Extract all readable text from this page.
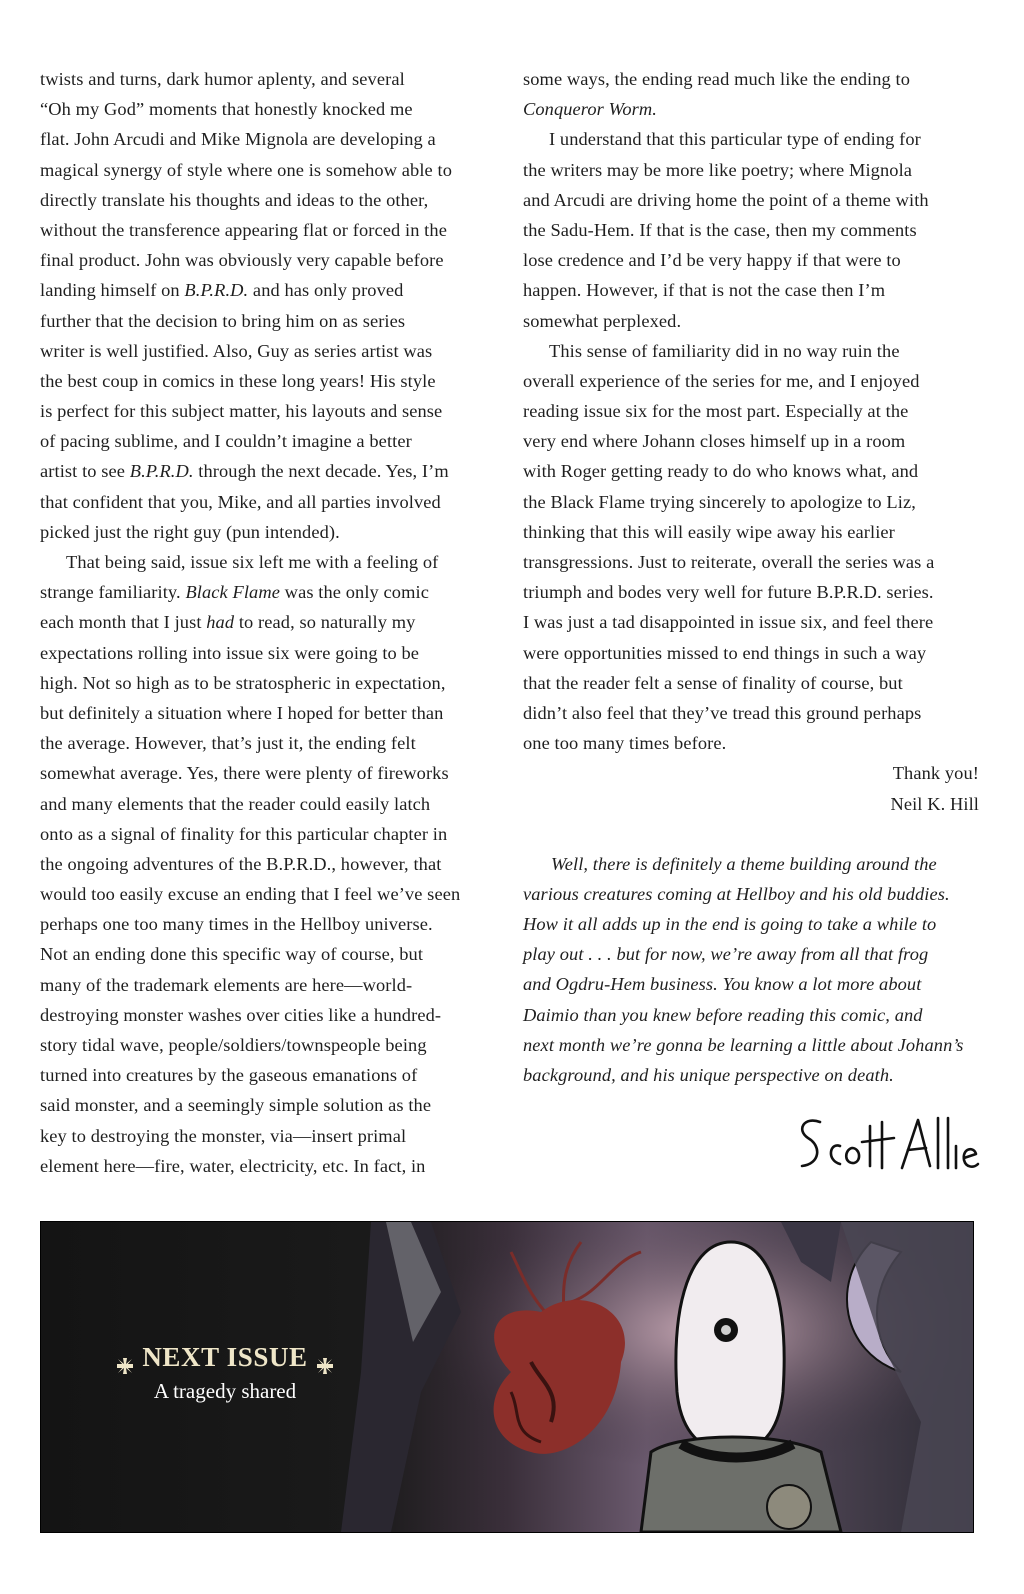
twists and turns, dark humor aplenty, and several
“Oh my God” moments that honestly knocked me
flat. John Arcudi and Mike Mignola are developing a
magical synergy of style where one is somehow able to
directly translate his thoughts and ideas to the other,
without the transference appearing flat or forced in the
final product. John was obviously very capable before
landing himself on B.P.R.D. and has only proved
further that the decision to bring him on as series
writer is well justified. Also, Guy as series artist was
the best coup in comics in these long years! His style
is perfect for this subject matter, his layouts and sense
of pacing sublime, and I couldn’t imagine a better
artist to see B.P.R.D. through the next decade. Yes, I’m
that confident that you, Mike, and all parties involved
picked just the right guy (pun intended).
That being said, issue six left me with a feeling of
strange familiarity. Black Flame was the only comic
each month that I just had to read, so naturally my
expectations rolling into issue six were going to be
high. Not so high as to be stratospheric in expectation,
but definitely a situation where I hoped for better than
the average. However, that’s just it, the ending felt
somewhat average. Yes, there were plenty of fireworks
and many elements that the reader could easily latch
onto as a signal of finality for this particular chapter in
the ongoing adventures of the B.P.R.D., however, that
would too easily excuse an ending that I feel we’ve seen
perhaps one too many times in the Hellboy universe.
Not an ending done this specific way of course, but
many of the trademark elements are here—world-
destroying monster washes over cities like a hundred-
story tidal wave, people/soldiers/townspeople being
turned into creatures by the gaseous emanations of
said monster, and a seemingly simple solution as the
key to destroying the monster, via—insert primal
element here—fire, water, electricity, etc. In fact, in
some ways, the ending read much like the ending to
Conqueror Worm.
I understand that this particular type of ending for
the writers may be more like poetry; where Mignola
and Arcudi are driving home the point of a theme with
the Sadu-Hem. If that is the case, then my comments
lose credence and I’d be very happy if that were to
happen. However, if that is not the case then I’m
somewhat perplexed.
This sense of familiarity did in no way ruin the
overall experience of the series for me, and I enjoyed
reading issue six for the most part. Especially at the
very end where Johann closes himself up in a room
with Roger getting ready to do who knows what, and
the Black Flame trying sincerely to apologize to Liz,
thinking that this will easily wipe away his earlier
transgressions. Just to reiterate, overall the series was a
triumph and bodes very well for future B.P.R.D. series.
I was just a tad disappointed in issue six, and feel there
were opportunities missed to end things in such a way
that the reader felt a sense of finality of course, but
didn’t also feel that they’ve tread this ground perhaps
one too many times before.
Thank you!
Neil K. Hill
Well, there is definitely a theme building around the
various creatures coming at Hellboy and his old buddies.
How it all adds up in the end is going to take a while to
play out . . . but for now, we’re away from all that frog
and Ogdru-Hem business. You know a lot more about
Daimio than you knew before reading this comic, and
next month we’re gonna be learning a little about Johann’s
background, and his unique perspective on death.
NEXT ISSUE
A tragedy shared
